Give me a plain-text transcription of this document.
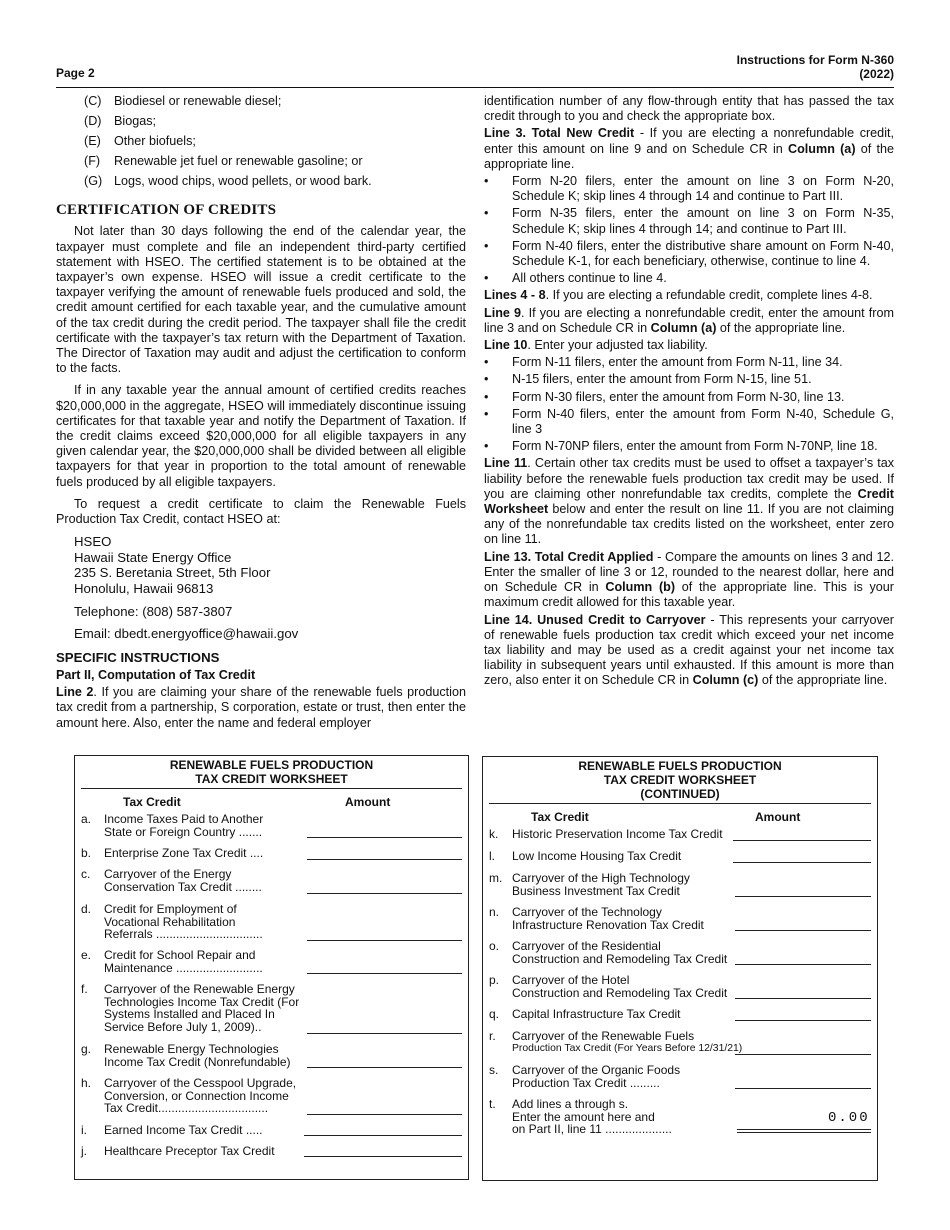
Page 2
Instructions for Form N-360
(2022)
(C) Biodiesel or renewable diesel;
(D) Biogas;
(E)	Other biofuels;
(F)	Renewable jet fuel or renewable gasoline; or
(G) Logs, wood chips, wood pellets, or wood bark.
CERTIFICATION OF CREDITS

Not later than 30 days following the end of the calendar year, the taxpayer must complete and file an independent third-party certified statement with HSEO. The certified statement is to be obtained at the taxpayer’s own expense. HSEO will issue a credit certificate to the taxpayer verifying the amount of renewable fuels produced and sold, the credit amount certified for each taxable year, and the cumulative amount of the tax credit during the credit period. The taxpayer shall file the credit certificate with the taxpayer’s tax return with the Department of Taxation. The Director of Taxation may audit and adjust the certification to conform to the facts.

If in any taxable year the annual amount of certified credits reaches $20,000,000 in the aggregate, HSEO will immediately discontinue issuing certificates for that taxable year and notify the Department of Taxation. If the credit claims exceed $20,000,000 for all eligible taxpayers in any given calendar year, the $20,000,000 shall be divided between all eligible taxpayers for that year in proportion to the total amount of renewable fuels produced by all eligible taxpayers.

To request a credit certificate to claim the Renewable Fuels Production Tax Credit, contact HSEO at:

HSEO
Hawaii State Energy Office
235 S. Beretania Street, 5th Floor
Honolulu, Hawaii 96813
Telephone: (808) 587-3807
Email: dbedt.energyoffice@hawaii.gov
SPECIFIC INSTRUCTIONS
Part II, Computation of Tax Credit
Line 2. If you are claiming your share of the renewable fuels production tax credit from a partnership, S corporation, estate or trust, then enter the amount here. Also, enter the name and federal employer
identification number of any flow-through entity that has passed the tax credit through to you and check the appropriate box.
Line 3. Total New Credit - If you are electing a nonrefundable credit, enter this amount on line 9 and on Schedule CR in Column (a) of the appropriate line.
•	Form N-20 filers, enter the amount on line 3 on Form N-20, Schedule K; skip lines 4 through 14 and continue to Part III.
•	Form N-35 filers, enter the amount on line 3 on Form N-35, Schedule K; skip lines 4 through 14; and continue to Part III.
•	Form N-40 filers, enter the distributive share amount on Form N-40, Schedule K-1, for each beneficiary, otherwise, continue to line 4.
•	All others continue to line 4.
Lines 4 - 8. If you are electing a refundable credit, complete lines 4-8.
Line 9. If you are electing a nonrefundable credit, enter the amount from line 3 and on Schedule CR in Column (a) of the appropriate line.
Line 10. Enter your adjusted tax liability.
•	Form N-11 filers, enter the amount from Form N-11, line 34.
•	N-15 filers, enter the amount from Form N-15, line 51.
•	Form N-30 filers, enter the amount from Form N-30, line 13.
•	Form N-40 filers, enter the amount from Form N-40, Schedule G, line 3
•	Form N-70NP filers, enter the amount from Form N-70NP, line 18.
Line 11. Certain other tax credits must be used to offset a taxpayer’s tax liability before the renewable fuels production tax credit may be used. If you are claiming other nonrefundable tax credits, complete the Credit Worksheet below and enter the result on line 11. If you are not claiming any of the nonrefundable tax credits listed on the worksheet, enter zero on line 11.
Line 13. Total Credit Applied - Compare the amounts on lines 3 and 12. Enter the smaller of line 3 or 12, rounded to the nearest dollar, here and on Schedule CR in Column (b) of the appropriate line. This is your maximum credit allowed for this taxable year.
Line 14. Unused Credit to Carryover - This represents your carryover of renewable fuels production tax credit which exceed your net income tax liability and may be used as a credit against your net income tax liability in subsequent years until exhausted. If this amount is more than zero, also enter it on Schedule CR in Column (c) of the appropriate line.
RENEWABLE FUELS PRODUCTION
TAX CREDIT WORKSHEET
Tax Credit	Amount
a. Income Taxes Paid to Another
State or Foreign Country .......
b. Enterprise Zone Tax Credit ....
c. Carryover of the Energy
Conservation Tax Credit ........
d. Credit for Employment of
Vocational Rehabilitation
Referrals ................................
e. Credit for School Repair and
Maintenance ..........................
f. Carryover of the Renewable Energy
Technologies Income Tax Credit (For
Systems Installed and Placed In
Service Before July 1, 2009)..
g. Renewable Energy Technologies
Income Tax Credit (Nonrefundable)
h. Carryover of the Cesspool Upgrade,
Conversion, or Connection Income
Tax Credit.................................
i. Earned Income Tax Credit .....
j. Healthcare Preceptor Tax Credit
RENEWABLE FUELS PRODUCTION
TAX CREDIT WORKSHEET
(CONTINUED)
Tax Credit	Amount
k. Historic Preservation Income Tax Credit
l. Low Income Housing Tax Credit
m. Carryover of the High Technology
Business Investment Tax Credit
n. Carryover of the Technology
Infrastructure Renovation Tax Credit
o. Carryover of the Residential
Construction and Remodeling Tax Credit
p. Carryover of the Hotel
Construction and Remodeling Tax Credit
q. Capital Infrastructure Tax Credit
r. Carryover of the Renewable Fuels
Production Tax Credit (For Years Before 12/31/21)
s. Carryover of the Organic Foods
Production Tax Credit .........
t. Add lines a through s.
Enter the amount here and
on Part II, line 11 ....................
0.00
